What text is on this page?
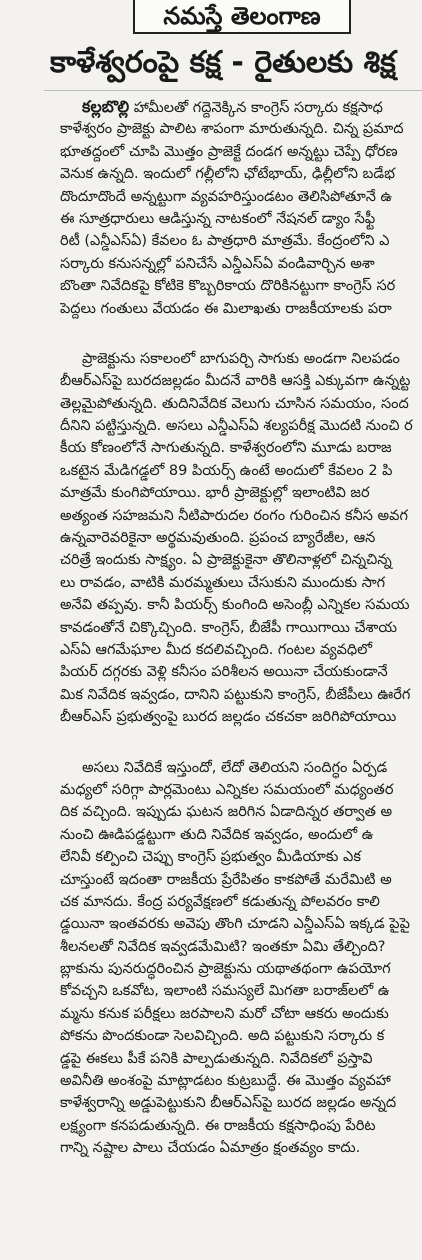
నమస్తే తెలంగాణ
కాళేశ్వరంపై కక్ష - రైతులకు శిక్ష
కల్లబొల్లి హామీలతో గద్దెనెక్కిన కాంగ్రెస్ సర్కారు కక్షసాధ
కాళేశ్వరం ప్రాజెక్టు పాలిట శాపంగా మారుతున్నది. చిన్న ప్రమాద
భూతద్దంలో చూపి మొత్తం ప్రాజెక్టే దండగ అన్నట్టు చెప్పే ధోరణ
వెనుక ఉన్నది. ఇందులో గల్లీలోని ఛోటేభాయ్, ఢిల్లీలోని బడేభ
దొందూదొందే అన్నట్టుగా వ్యవహరిస్తుండటం తెలిసిపోతూనే ఉ
ఈ సూత్రధారులు ఆడిస్తున్న నాటకంలో నేషనల్ డ్యాం సేఫ్టీ
రిటీ (ఎన్డీఎస్ఏ) కేవలం ఓ పాత్రధారి మాత్రమే. కేంద్రంలోని ఎ
సర్కారు కనుసన్నల్లో పనిచేసే ఎన్డీఎస్ఏ వండివార్చిన అశా
బొంతా నివేదికపై కోటికె కొబ్బరికాయ దొరికినట్టుగా కాంగ్రెస్ సర
పెద్దలు గంతులు వేయడం ఈ మిలాఖతు రాజకీయాలకు పరా
ప్రాజెక్టును సకాలంలో బాగుపర్చి సాగుకు అండగా నిలపడం
బీఆర్ఎస్‌పై బురదజల్లడం మీదనే వారికి ఆసక్తి ఎక్కువగా ఉన్నట్ట
తెల్లమైపోతున్నది. తుదినివేదిక వెలుగు చూసిన సమయం, సంద
దీనిని పట్టిస్తున్నది. అసలు ఎన్డీఎస్ఏ శల్యపరీక్ష మొదటి నుంచి ర
కీయ కోణంలోనే సాగుతున్నది. కాళేశ్వరంలోని మూడు బరాజ
ఒకటైన మేడిగడ్డలో 89 పియర్స్ ఉంటే అందులో కేవలం 2 పి
మాత్రమే కుంగిపోయాయి. భారీ ప్రాజెక్టుల్లో ఇలాంటివి జర
అత్యంత సహజమని నీటిపారుదల రంగం గురించిన కనీస అవగ
ఉన్నవారెవరికైనా అర్థమవుతుంది. ప్రపంచ బ్యారేజీల, ఆన
చరిత్రే ఇందుకు సాక్ష్యం. ఏ ప్రాజెక్టుకైనా తొలినాళ్లలో చిన్నచిన్న
లు రావడం, వాటికి మరమ్మతులు చేసుకుని ముందుకు సాగ
అనేవి తప్పవు. కానీ పియర్స్ కుంగింది అసెంబ్లీ ఎన్నికల సమయ
కావడంతోనే చిక్కొచ్చింది. కాంగ్రెస్, బీజేపీ గాయిగాయి చేశాయ
ఎస్ఏ ఆగమేఘాల మీద కదలివచ్చింది. గంటల వ్యవధిలో
పియర్ దగ్గరకు వెళ్లి కనీసం పరిశీలన అయినా చేయకుండానే
మిక నివేదిక ఇవ్వడం, దానిని పట్టుకుని కాంగ్రెస్, బీజేపీలు ఊరేగ
బీఆర్ఎస్ ప్రభుత్వంపై బురద జల్లడం చకచకా జరిగిపోయాయి
అసలు నివేదికే ఇస్తుందో, లేదో తెలియని సందిగ్ధం ఏర్పడ
మధ్యలో సరిగ్గా పార్లమెంటు ఎన్నికల సమయంలో మధ్యంతర
దిక వచ్చింది. ఇప్పుడు ఘటన జరిగిన ఏడాదిన్నర తర్వాత అ
నుంచి ఊడిపడ్డట్టుగా తుది నివేదిక ఇవ్వడం, అందులో ఉ
లేనివీ కల్పించి చెప్పు కాంగ్రెస్ ప్రభుత్వం మీడియాకు ఎక
చూస్తుంటే ఇదంతా రాజకీయ ప్రేరేపితం కాకపోతే మరేమిటి అ
చక మానదు. కేంద్ర పర్యవేక్షణలో కడుతున్న పోలవరం కాలి
డ్డయినా ఇంతవరకు అవెపు తొంగి చూడని ఎన్డీఎస్ఏ ఇక్కడ పైపై
శీలనలతో నివేదిక ఇవ్వడమేమిటి? ఇంతకూ ఏమి తేల్చింది?
బ్లాకును పునరుద్ధరించిన ప్రాజెక్టును యథాతథంగా ఉపయోగ
కోవచ్చని ఒకవోట, ఇలాంటి సమస్యలే మిగతా బరాజ్‌లలో ఉ
మ్మను కనుక పరీక్షలు జరపాలని మరో చోటా ఆకరు అందుకు
పోకను పొందకుండా సెలవిచ్చింది. అది పట్టుకుని సర్కారు క
డ్డపై ఈకలు పీకే పనికి పాల్పడుతున్నది. నివేదికలో ప్రస్తావి
అవినీతి అంశంపై మాట్లాడటం కుట్రబుద్ధే. ఈ మొత్తం వ్యవహా
కాళేశ్వరాన్ని అడ్డుపెట్టుకుని బీఆర్ఎస్‌పై బురద జల్లడం అన్నద
లక్ష్యంగా కనపడుతున్నది. ఈ రాజకీయ కక్షసాధింపు పేరిట
గాన్ని నష్టాల పాలు చేయడం ఏమాత్రం క్షంతవ్యం కాదు.
